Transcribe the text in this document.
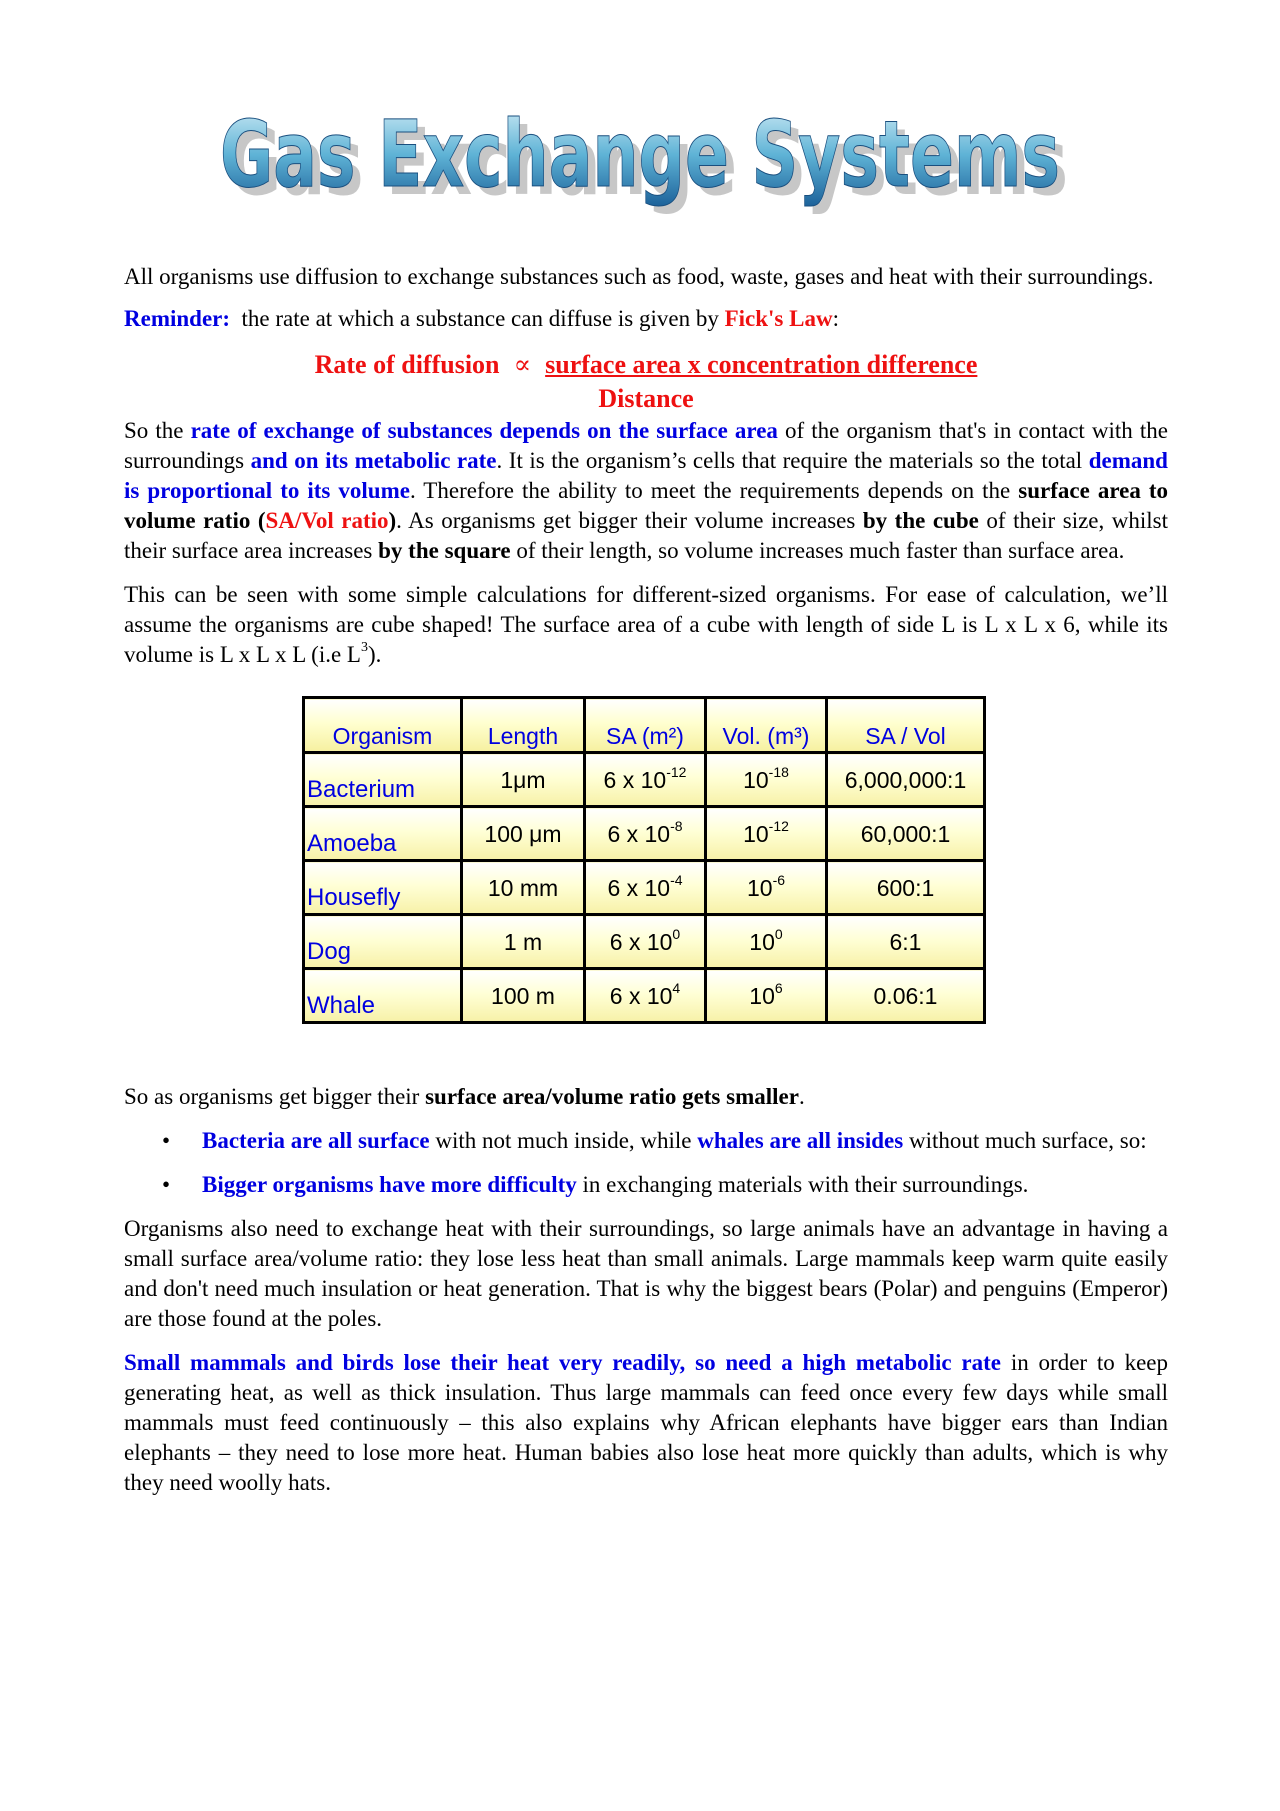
Gas Exchange Systems
Gas Exchange Systems

All organisms use diffusion to exchange substances such as food, waste, gases and heat with their surroundings.

Reminder:  the rate at which a substance can diffuse is given by Fick's Law:

Rate of diffusion ∝ surface area x concentration difference
Distance

So the rate of exchange of substances depends on the surface area of the organism that's in contact with the surroundings and on its metabolic rate. It is the organism’s cells that require the materials so the total demand is proportional to its volume. Therefore the ability to meet the requirements depends on the surface area to volume ratio (SA/Vol ratio). As organisms get bigger their volume increases by the cube of their size, whilst their surface area increases by the square of their length, so volume increases much faster than surface area.

This can be seen with some simple calculations for different-sized organisms. For ease of calculation, we’ll assume the organisms are cube shaped! The surface area of a cube with length of side L is L x L x 6, while its volume is L x L x L (i.e $L^3$).

Organism	Length	SA (m²)	Vol. (m³)	SA / Vol
Bacterium	1μm	6 x $10^{-12}$	$10^{-18}$	6,000,000:1
Amoeba	100 μm	6 x $10^{-8}$	$10^{-12}$	60,000:1
Housefly	10 mm	6 x $10^{-4}$	$10^{-6}$	600:1
Dog	1 m	6 x $10^0$	$10^0$	6:1
Whale	100 m	6 x $10^4$	$10^6$	0.06:1

So as organisms get bigger their surface area/volume ratio gets smaller.

• Bacteria are all surface with not much inside, while whales are all insides without much surface, so:
• Bigger organisms have more difficulty in exchanging materials with their surroundings.

Organisms also need to exchange heat with their surroundings, so large animals have an advantage in having a small surface area/volume ratio: they lose less heat than small animals. Large mammals keep warm quite easily and don't need much insulation or heat generation. That is why the biggest bears (Polar) and penguins (Emperor) are those found at the poles.

Small mammals and birds lose their heat very readily, so need a high metabolic rate in order to keep generating heat, as well as thick insulation. Thus large mammals can feed once every few days while small mammals must feed continuously – this also explains why African elephants have bigger ears than Indian elephants – they need to lose more heat. Human babies also lose heat more quickly than adults, which is why they need woolly hats.
